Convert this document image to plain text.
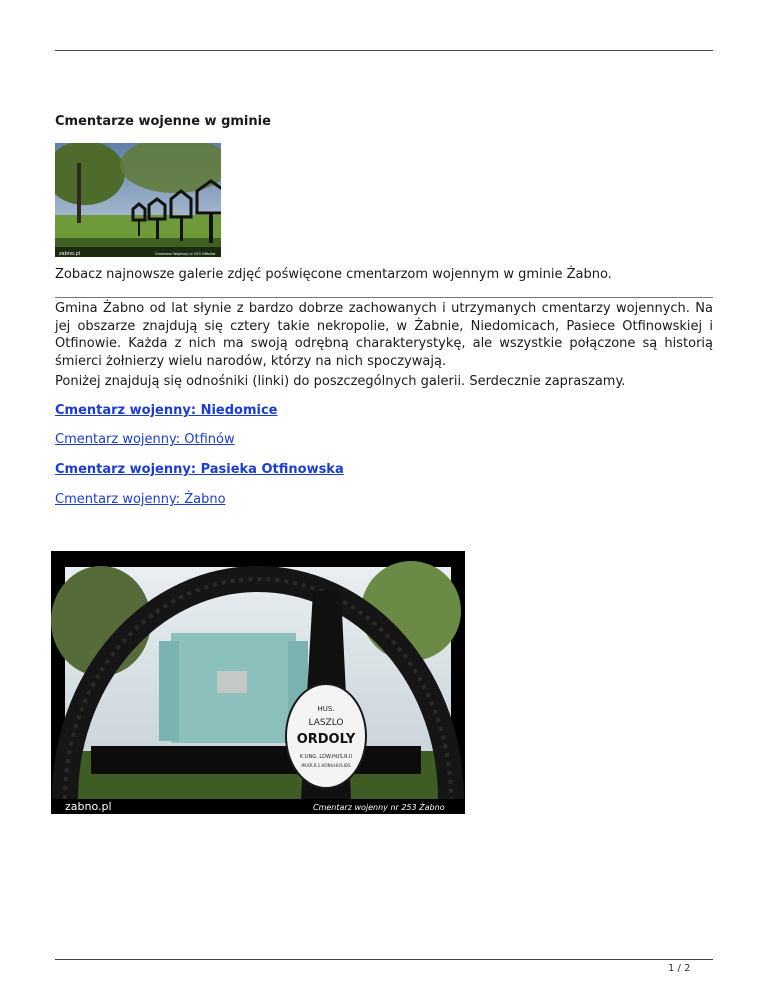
Cmentarze wojenne w gminie
zabno.pl	Cmentarz Wojenny nr 253 Otfinów

Zobacz najnowsze galerie zdjęć poświęcone cmentarzom wojennym w gminie Żabno.

Gmina Żabno od lat słynie z bardzo dobrze zachowanych i utrzymanych cmentarzy wojennych. Na jej obszarze znajdują się cztery takie nekropolie, w Żabnie, Niedomicach, Pasiece Otfinowskiej i Otfinowie. Każda z nich ma swoją odrębną charakterystykę, ale wszystkie połączone są historią śmierci żołnierzy wielu narodów, którzy na nich spoczywają.

Poniżej znajdują się odnośniki (linki) do poszczególnych galerii. Serdecznie zapraszamy.

Cmentarz wojenny: Niedomice
Cmentarz wojenny: Otfinów
Cmentarz wojenny: Pasieka Otfinowska
Cmentarz wojenny: Żabno
HUS.
LASZLO
ORDOLY
K.UNG. LDW.HUS.R.II
IM.KR.R.1.HONV.HUS.IDS
zabno.pl	Cmentarz wojenny nr 253 Żabno
1 / 2
